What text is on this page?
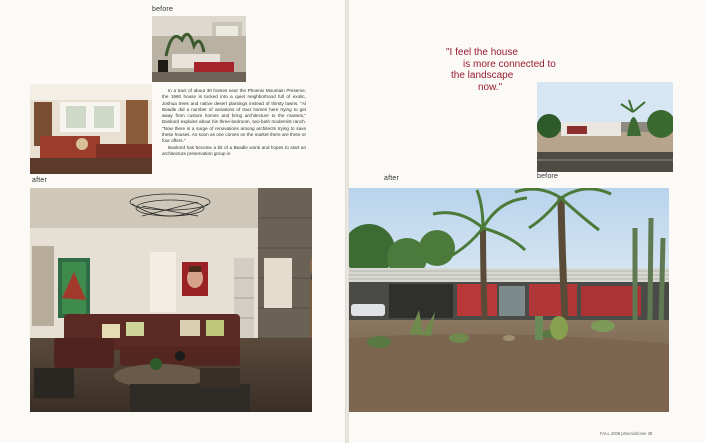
before

In a tract of about 30 homes near the Phoenix Mountain Preserve, the 1960 house is tucked into a quiet neighborhood full of exotic, Joshua trees and native desert plantings instead of thirsty lawns. "Al Beadle did a number of variations of tract homes here trying to get away from custom homes and bring architecture to the masses," Bankord explains about his three-bedroom, two-bath modernist ranch. "Now there is a surge of renovations among architects trying to save these houses. As soon as one comes on the market there are three or four offers."

Bankord has become a bit of a Beadle wonk and hopes to start an architecture preservation group in

after
"I feel the house
is more connected to
the landscape
now."
after	before
FALL 2008 phoenixhome 39
